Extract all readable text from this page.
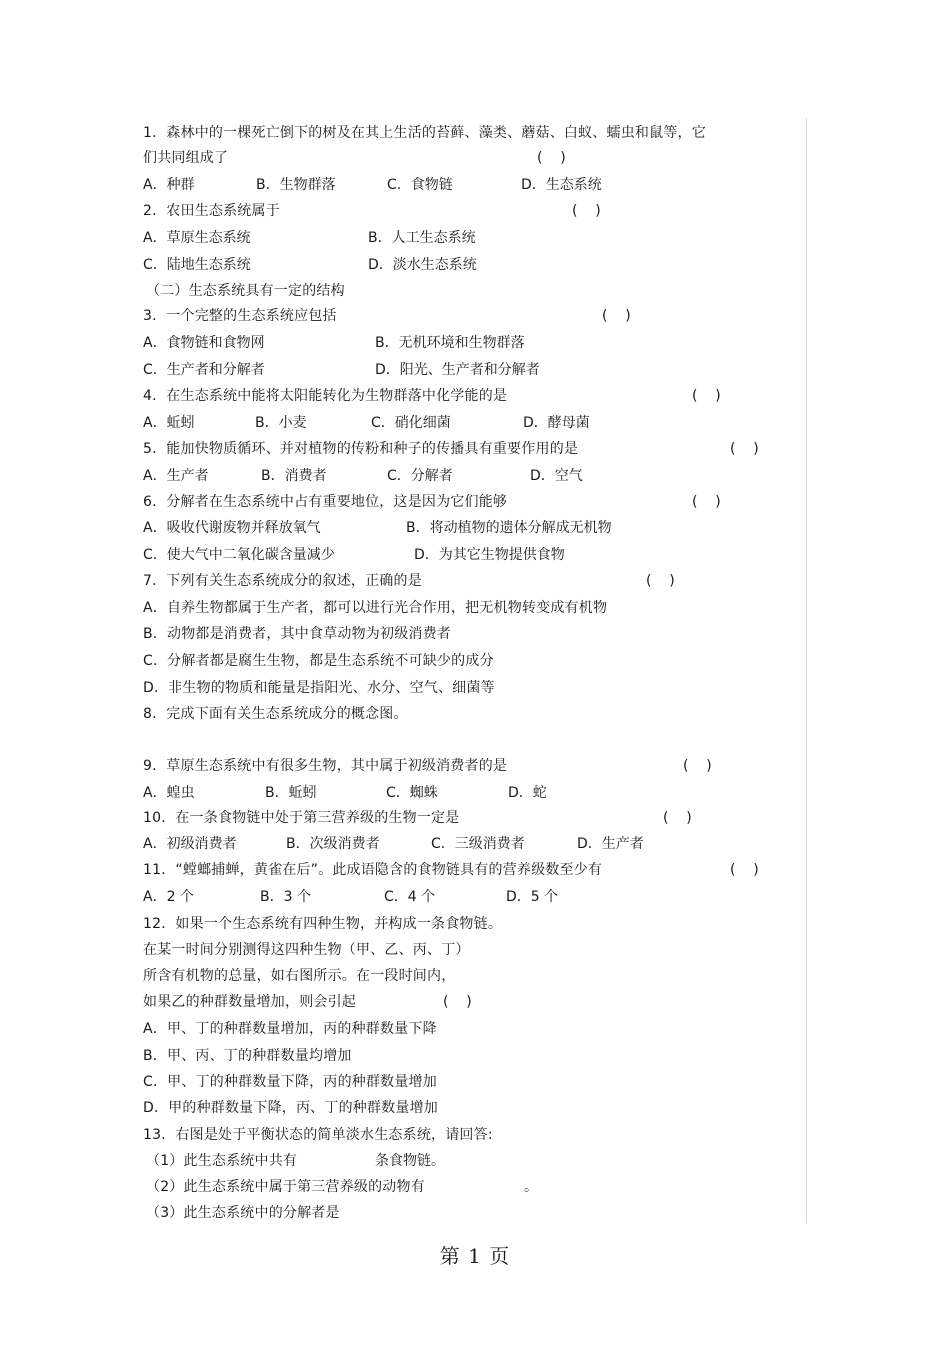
1．森林中的一棵死亡倒下的树及在其上生活的苔藓、藻类、蘑菇、白蚁、蠕虫和鼠等，它
们共同组成了	(    )
A．种群	B．生物群落	C．食物链	D．生态系统
2．农田生态系统属于	(    )
A．草原生态系统	B．人工生态系统
C．陆地生态系统	D．淡水生态系统
（二）生态系统具有一定的结构
3．一个完整的生态系统应包括	(    )
A．食物链和食物网	B．无机环境和生物群落
C．生产者和分解者	D．阳光、生产者和分解者
4．在生态系统中能将太阳能转化为生物群落中化学能的是	(    )
A．蚯蚓	B．小麦	C．硝化细菌	D．酵母菌
5．能加快物质循环、并对植物的传粉和种子的传播具有重要作用的是	(    )
A．生产者	B．消费者	C．分解者	D．空气
6．分解者在生态系统中占有重要地位，这是因为它们能够	(    )
A．吸收代谢废物并释放氧气	B．将动植物的遗体分解成无机物
C．使大气中二氧化碳含量减少	D．为其它生物提供食物
7．下列有关生态系统成分的叙述，正确的是	(    )
A．自养生物都属于生产者，都可以进行光合作用，把无机物转变成有机物
B．动物都是消费者，其中食草动物为初级消费者
C．分解者都是腐生生物，都是生态系统不可缺少的成分
D．非生物的物质和能量是指阳光、水分、空气、细菌等
8．完成下面有关生态系统成分的概念图。
9．草原生态系统中有很多生物，其中属于初级消费者的是	(    )
A．蝗虫	B．蚯蚓	C．蜘蛛	D．蛇
10．在一条食物链中处于第三营养级的生物一定是	(    )
A．初级消费者	B．次级消费者	C．三级消费者	D．生产者
11．“螳螂捕蝉，黄雀在后”。此成语隐含的食物链具有的营养级数至少有	(    )
A．2 个	B．3 个	C．4 个	D．5 个
12．如果一个生态系统有四种生物，并构成一条食物链。
在某一时间分别测得这四种生物（甲、乙、丙、丁）
所含有机物的总量，如右图所示。在一段时间内，
如果乙的种群数量增加，则会引起	(    )
A．甲、丁的种群数量增加，丙的种群数量下降
B．甲、丙、丁的种群数量均增加
C．甲、丁的种群数量下降，丙的种群数量增加
D．甲的种群数量下降，丙、丁的种群数量增加
13．右图是处于平衡状态的简单淡水生态系统，请回答:
（1）此生态系统中共有	条食物链。
（2）此生态系统中属于第三营养级的动物有	。
（3）此生态系统中的分解者是
第 1 页
